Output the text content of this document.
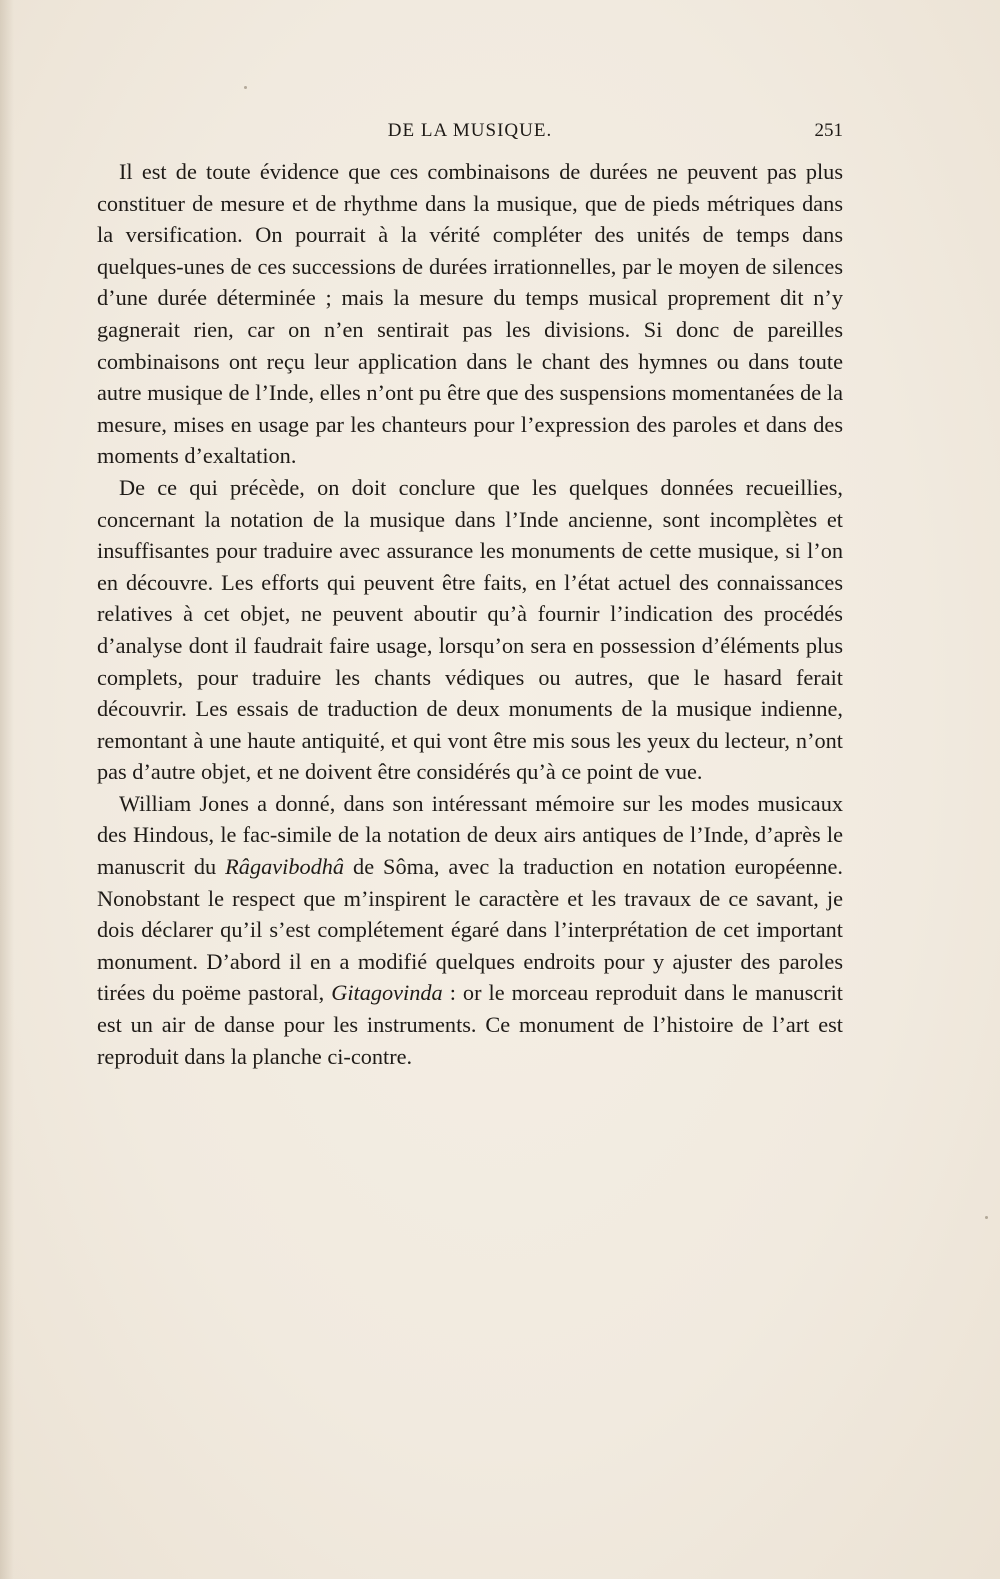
DE LA MUSIQUE.	251

Il est de toute évidence que ces combinaisons de durées ne peuvent pas plus constituer de mesure et de rhythme dans la musique, que de pieds métriques dans la versification. On pourrait à la vérité compléter des unités de temps dans quelques-unes de ces successions de durées irrationnelles, par le moyen de silences d’une durée déterminée ; mais la mesure du temps musical proprement dit n’y gagnerait rien, car on n’en sentirait pas les divisions. Si donc de pareilles combinaisons ont reçu leur application dans le chant des hymnes ou dans toute autre musique de l’Inde, elles n’ont pu être que des suspensions momentanées de la mesure, mises en usage par les chanteurs pour l’expression des paroles et dans des moments d’exaltation.

De ce qui précède, on doit conclure que les quelques données recueillies, concernant la notation de la musique dans l’Inde ancienne, sont incomplètes et insuffisantes pour traduire avec assurance les monuments de cette musique, si l’on en découvre. Les efforts qui peuvent être faits, en l’état actuel des connaissances relatives à cet objet, ne peuvent aboutir qu’à fournir l’indication des procédés d’analyse dont il faudrait faire usage, lorsqu’on sera en possession d’éléments plus complets, pour traduire les chants védiques ou autres, que le hasard ferait découvrir. Les essais de traduction de deux monuments de la musique indienne, remontant à une haute antiquité, et qui vont être mis sous les yeux du lecteur, n’ont pas d’autre objet, et ne doivent être considérés qu’à ce point de vue.

William Jones a donné, dans son intéressant mémoire sur les modes musicaux des Hindous, le fac-simile de la notation de deux airs antiques de l’Inde, d’après le manuscrit du Râgavibodhâ de Sôma, avec la traduction en notation européenne. Nonobstant le respect que m’inspirent le caractère et les travaux de ce savant, je dois déclarer qu’il s’est complétement égaré dans l’interprétation de cet important monument. D’abord il en a modifié quelques endroits pour y ajuster des paroles tirées du poëme pastoral, Gitagovinda : or le morceau reproduit dans le manuscrit est un air de danse pour les instruments. Ce monument de l’histoire de l’art est reproduit dans la planche ci-contre.
